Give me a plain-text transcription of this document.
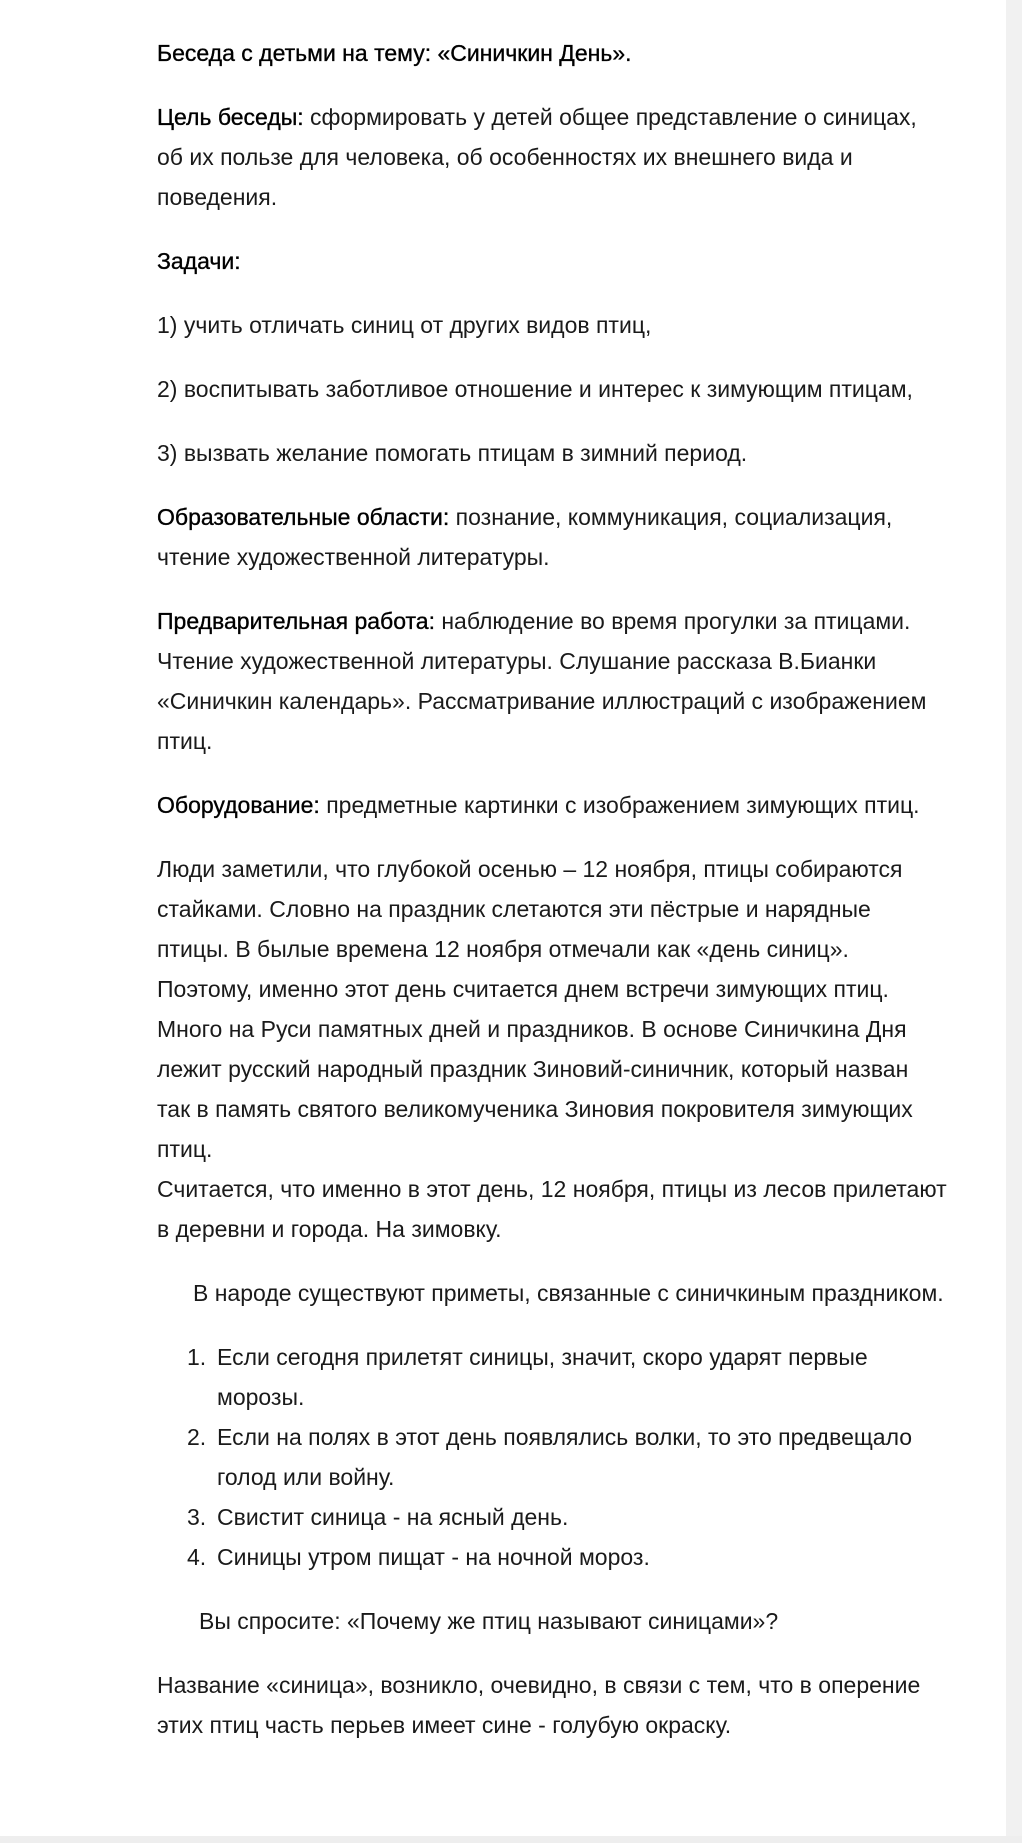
Беседа с детьми на тему: «Синичкин День».

Цель беседы: сформировать у детей общее представление о синицах, об их пользе для человека, об особенностях их внешнего вида и поведения.

Задачи:

1) учить отличать синиц от других видов птиц,

2) воспитывать заботливое отношение и интерес к зимующим птицам,

3) вызвать желание помогать птицам в зимний период.

Образовательные области: познание, коммуникация, социализация, чтение художественной литературы.

Предварительная работа: наблюдение во время прогулки за птицами. Чтение художественной литературы. Слушание рассказа В.Бианки «Синичкин календарь». Рассматривание иллюстраций с изображением птиц.

Оборудование: предметные картинки с изображением зимующих птиц.

Люди заметили, что глубокой осенью – 12 ноября, птицы собираются стайками. Словно на праздник слетаются эти пёстрые и нарядные птицы. В былые времена 12 ноября отмечали как «день синиц». Поэтому, именно этот день считается днем встречи зимующих птиц. Много на Руси памятных дней и праздников. В основе Синичкина Дня лежит русский народный праздник Зиновий-синичник, который назван так в память святого великомученика Зиновия покровителя зимующих птиц.

Считается, что именно в этот день, 12 ноября, птицы из лесов прилетают в деревни и города. На зимовку.

В народе существуют приметы, связанные с синичкиным праздником.

1. Если сегодня прилетят синицы, значит, скоро ударят первые морозы.
2. Если на полях в этот день появлялись волки, то это предвещало голод или войну.
3. Свистит синица - на ясный день.
4. Синицы утром пищат - на ночной мороз.

Вы спросите: «Почему же птиц называют синицами»?

Название «синица», возникло, очевидно, в связи с тем, что в оперение этих птиц часть перьев имеет сине - голубую окраску.
